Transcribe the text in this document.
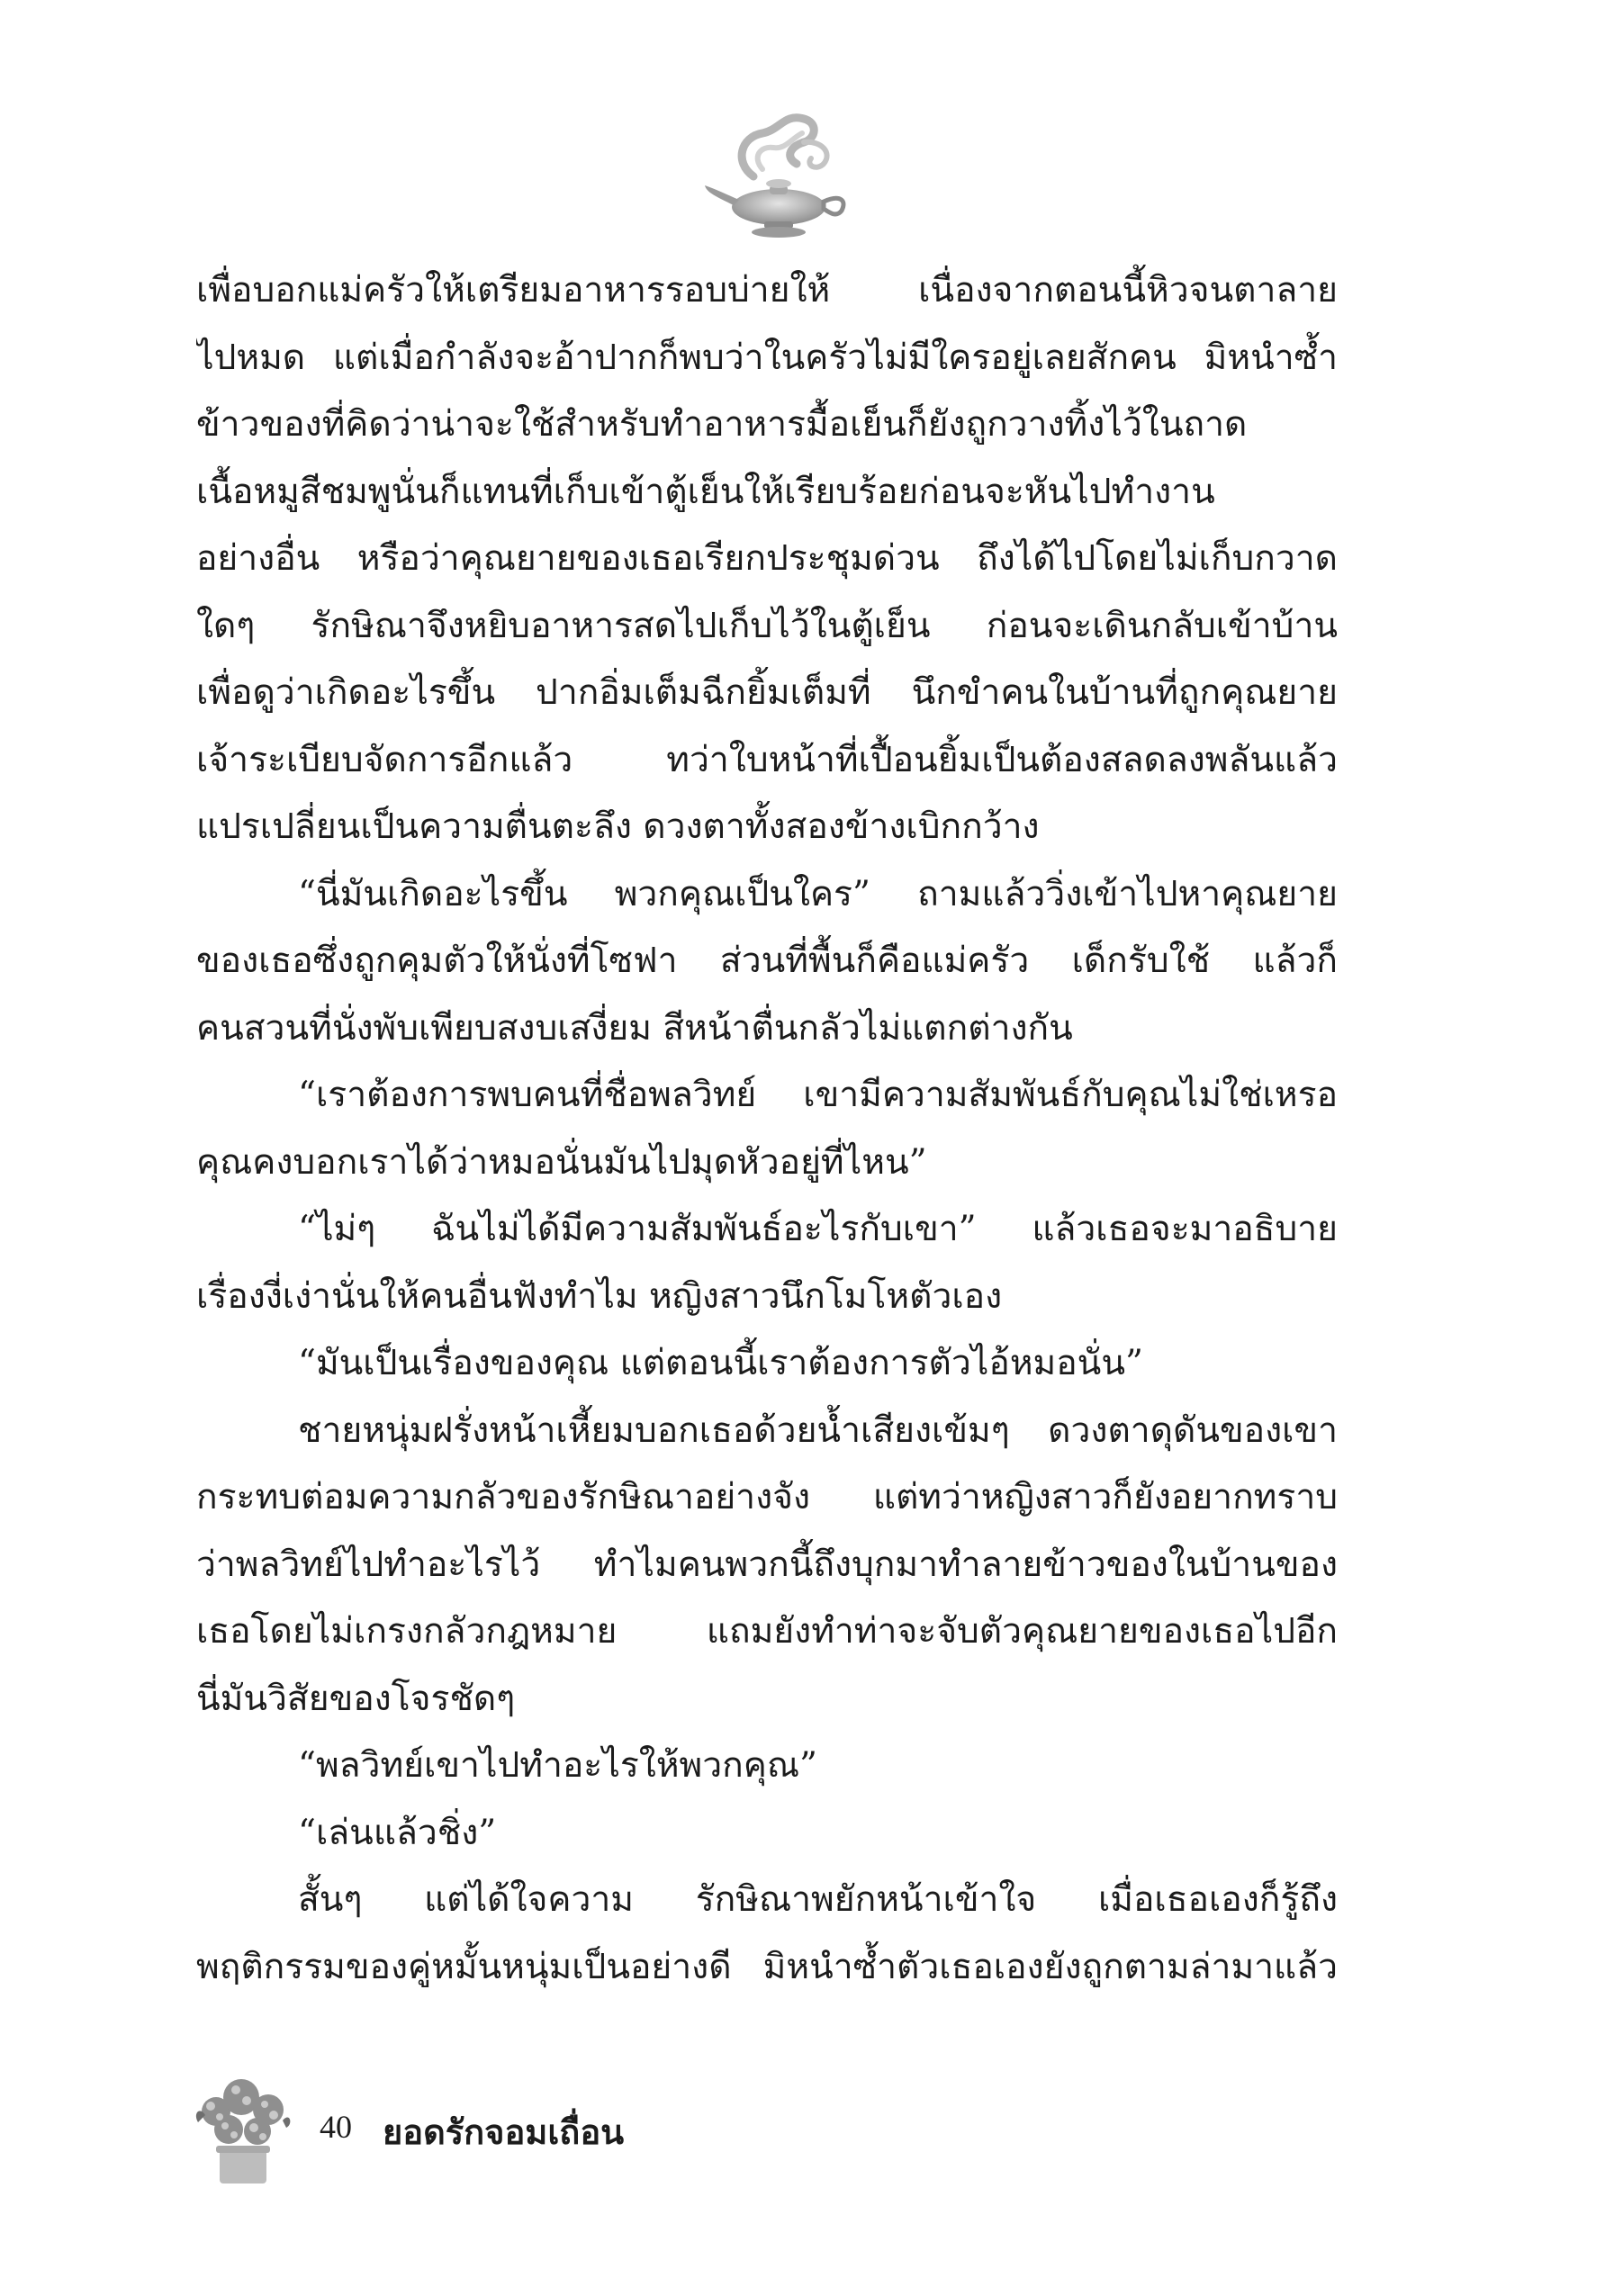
เพื่อบอกแม่ครัวให้เตรียมอาหารรอบบ่ายให้ เนื่องจากตอนนี้หิวจนตาลาย
ไปหมด แต่เมื่อกำลังจะอ้าปากก็พบว่าในครัวไม่มีใครอยู่เลยสักคน มิหนำซ้ำ
ข้าวของที่คิดว่าน่าจะใช้สำหรับทำอาหารมื้อเย็นก็ยังถูกวางทิ้งไว้ในถาด
เนื้อหมูสีชมพูนั่นก็แทนที่เก็บเข้าตู้เย็นให้เรียบร้อยก่อนจะหันไปทำงาน
อย่างอื่น หรือว่าคุณยายของเธอเรียกประชุมด่วน ถึงได้ไปโดยไม่เก็บกวาด
ใดๆ รักษิณาจึงหยิบอาหารสดไปเก็บไว้ในตู้เย็น ก่อนจะเดินกลับเข้าบ้าน
เพื่อดูว่าเกิดอะไรขึ้น ปากอิ่มเต็มฉีกยิ้มเต็มที่ นึกขำคนในบ้านที่ถูกคุณยาย
เจ้าระเบียบจัดการอีกแล้ว ทว่าใบหน้าที่เปื้อนยิ้มเป็นต้องสลดลงพลันแล้ว
แปรเปลี่ยนเป็นความตื่นตะลึง ดวงตาทั้งสองข้างเบิกกว้าง
“นี่มันเกิดอะไรขึ้น พวกคุณเป็นใคร” ถามแล้ววิ่งเข้าไปหาคุณยาย
ของเธอซึ่งถูกคุมตัวให้นั่งที่โซฟา ส่วนที่พื้นก็คือแม่ครัว เด็กรับใช้ แล้วก็
คนสวนที่นั่งพับเพียบสงบเสงี่ยม สีหน้าตื่นกลัวไม่แตกต่างกัน
“เราต้องการพบคนที่ชื่อพลวิทย์ เขามีความสัมพันธ์กับคุณไม่ใช่เหรอ
คุณคงบอกเราได้ว่าหมอนั่นมันไปมุดหัวอยู่ที่ไหน”
“ไม่ๆ ฉันไม่ได้มีความสัมพันธ์อะไรกับเขา” แล้วเธอจะมาอธิบาย
เรื่องงี่เง่านั่นให้คนอื่นฟังทำไม หญิงสาวนึกโมโหตัวเอง
“มันเป็นเรื่องของคุณ แต่ตอนนี้เราต้องการตัวไอ้หมอนั่น”
ชายหนุ่มฝรั่งหน้าเหี้ยมบอกเธอด้วยน้ำเสียงเข้มๆ ดวงตาดุดันของเขา
กระทบต่อมความกลัวของรักษิณาอย่างจัง แต่ทว่าหญิงสาวก็ยังอยากทราบ
ว่าพลวิทย์ไปทำอะไรไว้ ทำไมคนพวกนี้ถึงบุกมาทำลายข้าวของในบ้านของ
เธอโดยไม่เกรงกลัวกฎหมาย แถมยังทำท่าจะจับตัวคุณยายของเธอไปอีก
นี่มันวิสัยของโจรชัดๆ
“พลวิทย์เขาไปทำอะไรให้พวกคุณ”
“เล่นแล้วชิ่ง”
สั้นๆ แต่ได้ใจความ รักษิณาพยักหน้าเข้าใจ เมื่อเธอเองก็รู้ถึง
พฤติกรรมของคู่หมั้นหนุ่มเป็นอย่างดี มิหนำซ้ำตัวเธอเองยังถูกตามล่ามาแล้ว
40 ยอดรักจอมเถื่อน
